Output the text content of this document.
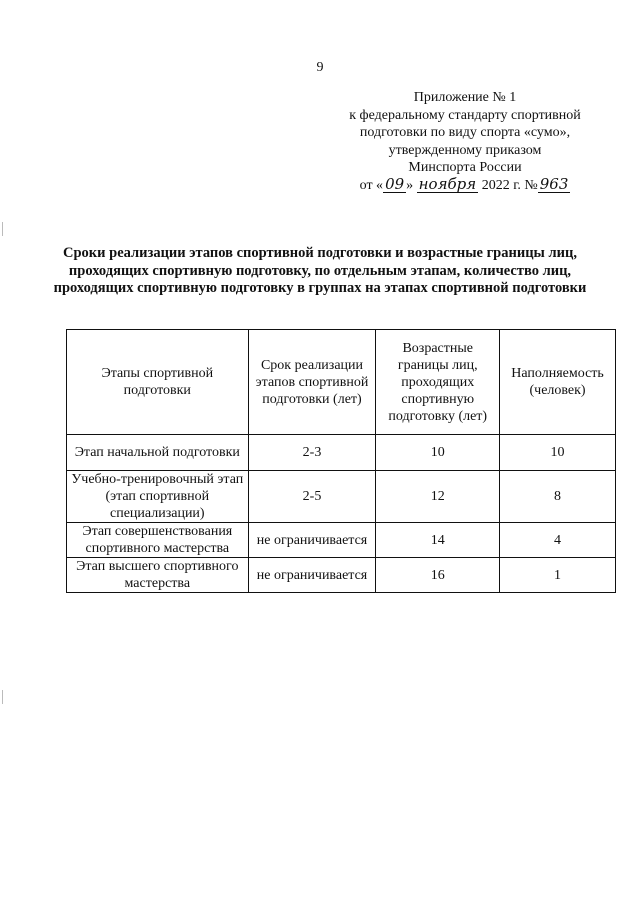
9
Приложение № 1
к федеральному стандарту спортивной
подготовки по виду спорта «сумо»,
утвержденному приказом
Минспорта России
от « 09 » ноября 2022 г. № 963
Сроки реализации этапов спортивной подготовки и возрастные границы лиц, проходящих спортивную подготовку, по отдельным этапам, количество лиц, проходящих спортивную подготовку в группах на этапах спортивной подготовки
Этапы спортивной подготовки	Срок реализации этапов спортивной подготовки (лет)	Возрастные границы лиц, проходящих спортивную подготовку (лет)	Наполняемость (человек)
Этап начальной подготовки	2-3	10	10
Учебно-тренировочный этап (этап спортивной специализации)	2-5	12	8
Этап совершенствования спортивного мастерства	не ограничивается	14	4
Этап высшего спортивного мастерства	не ограничивается	16	1
